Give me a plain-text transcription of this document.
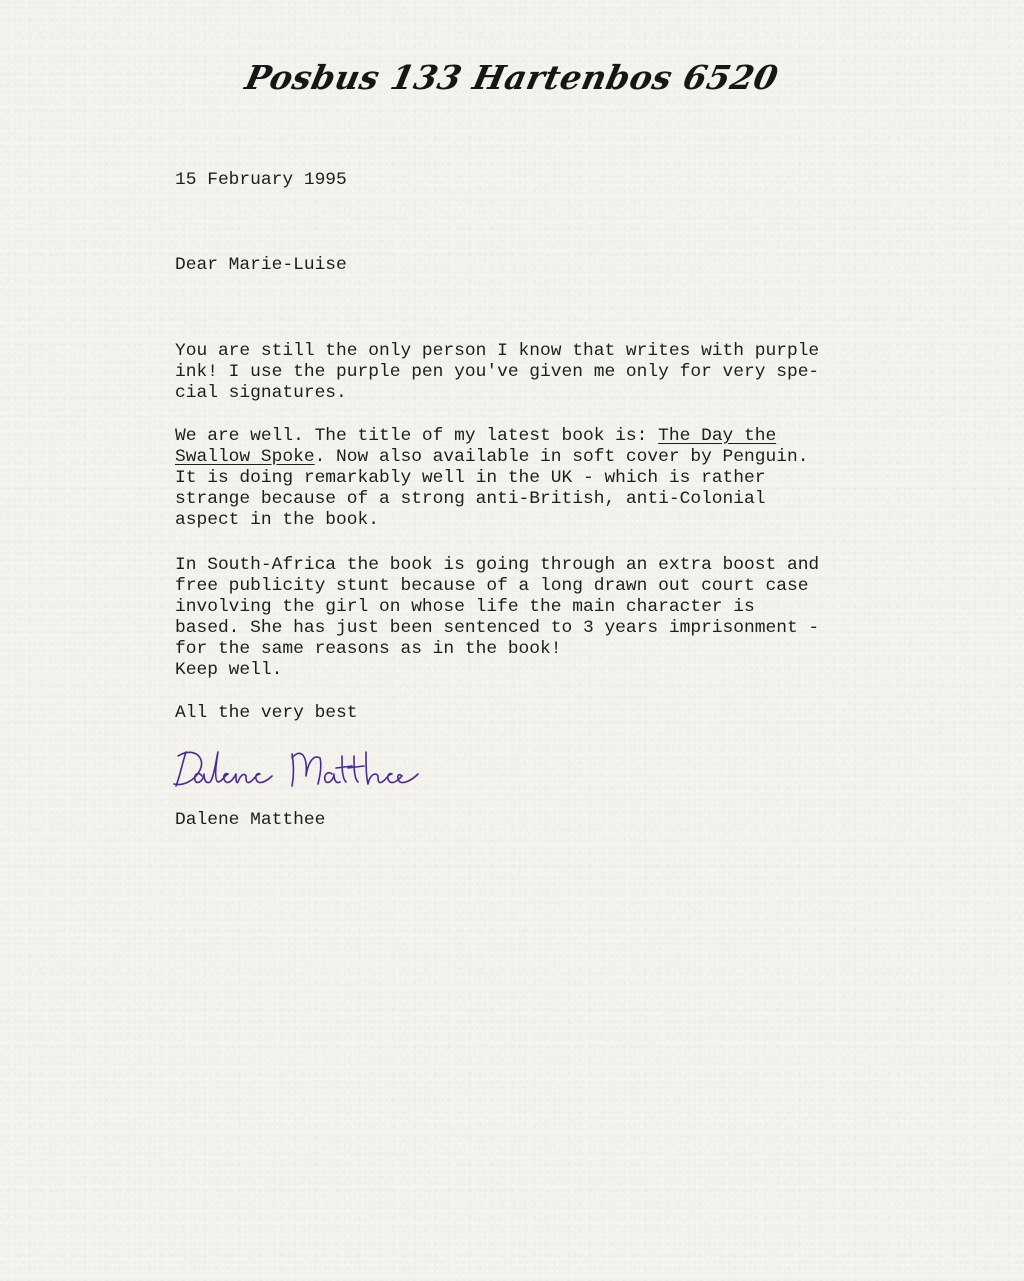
Posbus 133 Hartenbos 6520

15 February 1995

Dear Marie-Luise

You are still the only person I know that writes with purple
ink! I use the purple pen you've given me only for very spe-
cial signatures.

We are well. The title of my latest book is: The Day the
Swallow Spoke. Now also available in soft cover by Penguin.
It is doing remarkably well in the UK - which is rather
strange because of a strong anti-British, anti-Colonial
aspect in the book.

In South-Africa the book is going through an extra boost and
free publicity stunt because of a long drawn out court case
involving the girl on whose life the main character is
based. She has just been sentenced to 3 years imprisonment -
for the same reasons as in the book!

Keep well.

All the very best

Dalene Matthee
